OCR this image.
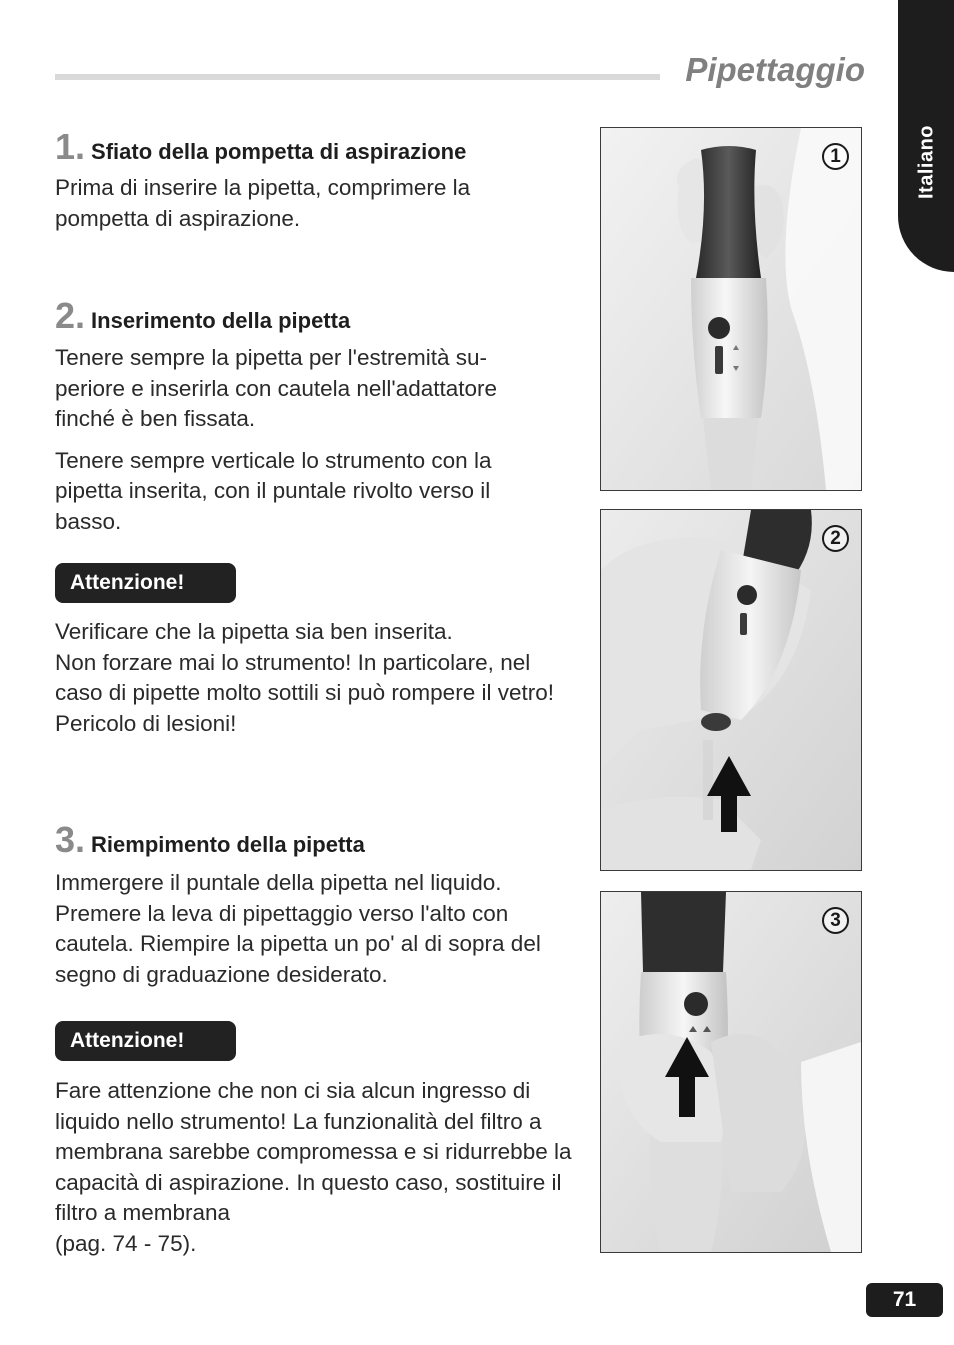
Pipettaggio
Italiano
1. Sfiato della pompetta di aspirazione

Prima di inserire la pipetta, comprimere la pompetta di aspirazione.

2. Inserimento della pipetta

Tenere sempre la pipetta per l'estremità su-periore e inserirla con cautela nell'adattatore finché è ben fissata.

Tenere sempre verticale lo strumento con la pipetta inserita, con il puntale rivolto verso il basso.

Attenzione!

Verificare che la pipetta sia ben inserita.

Non forzare mai lo strumento! In particolare, nel caso di pipette molto sottili si può rompere il vetro! Pericolo di lesioni!

3. Riempimento della pipetta

Immergere il puntale della pipetta nel liquido. Premere la leva di pipettaggio verso l'alto con cautela. Riempire la pipetta un po' al di sopra del segno di graduazione desiderato.

Attenzione!

Fare attenzione che non ci sia alcun ingresso di liquido nello strumento! La funzionalità del filtro a membrana sarebbe compromessa e si ridurrebbe la capacità di aspirazione. In questo caso, sostituire il filtro a membrana

(pag. 74 - 75).

1
2
3
71
